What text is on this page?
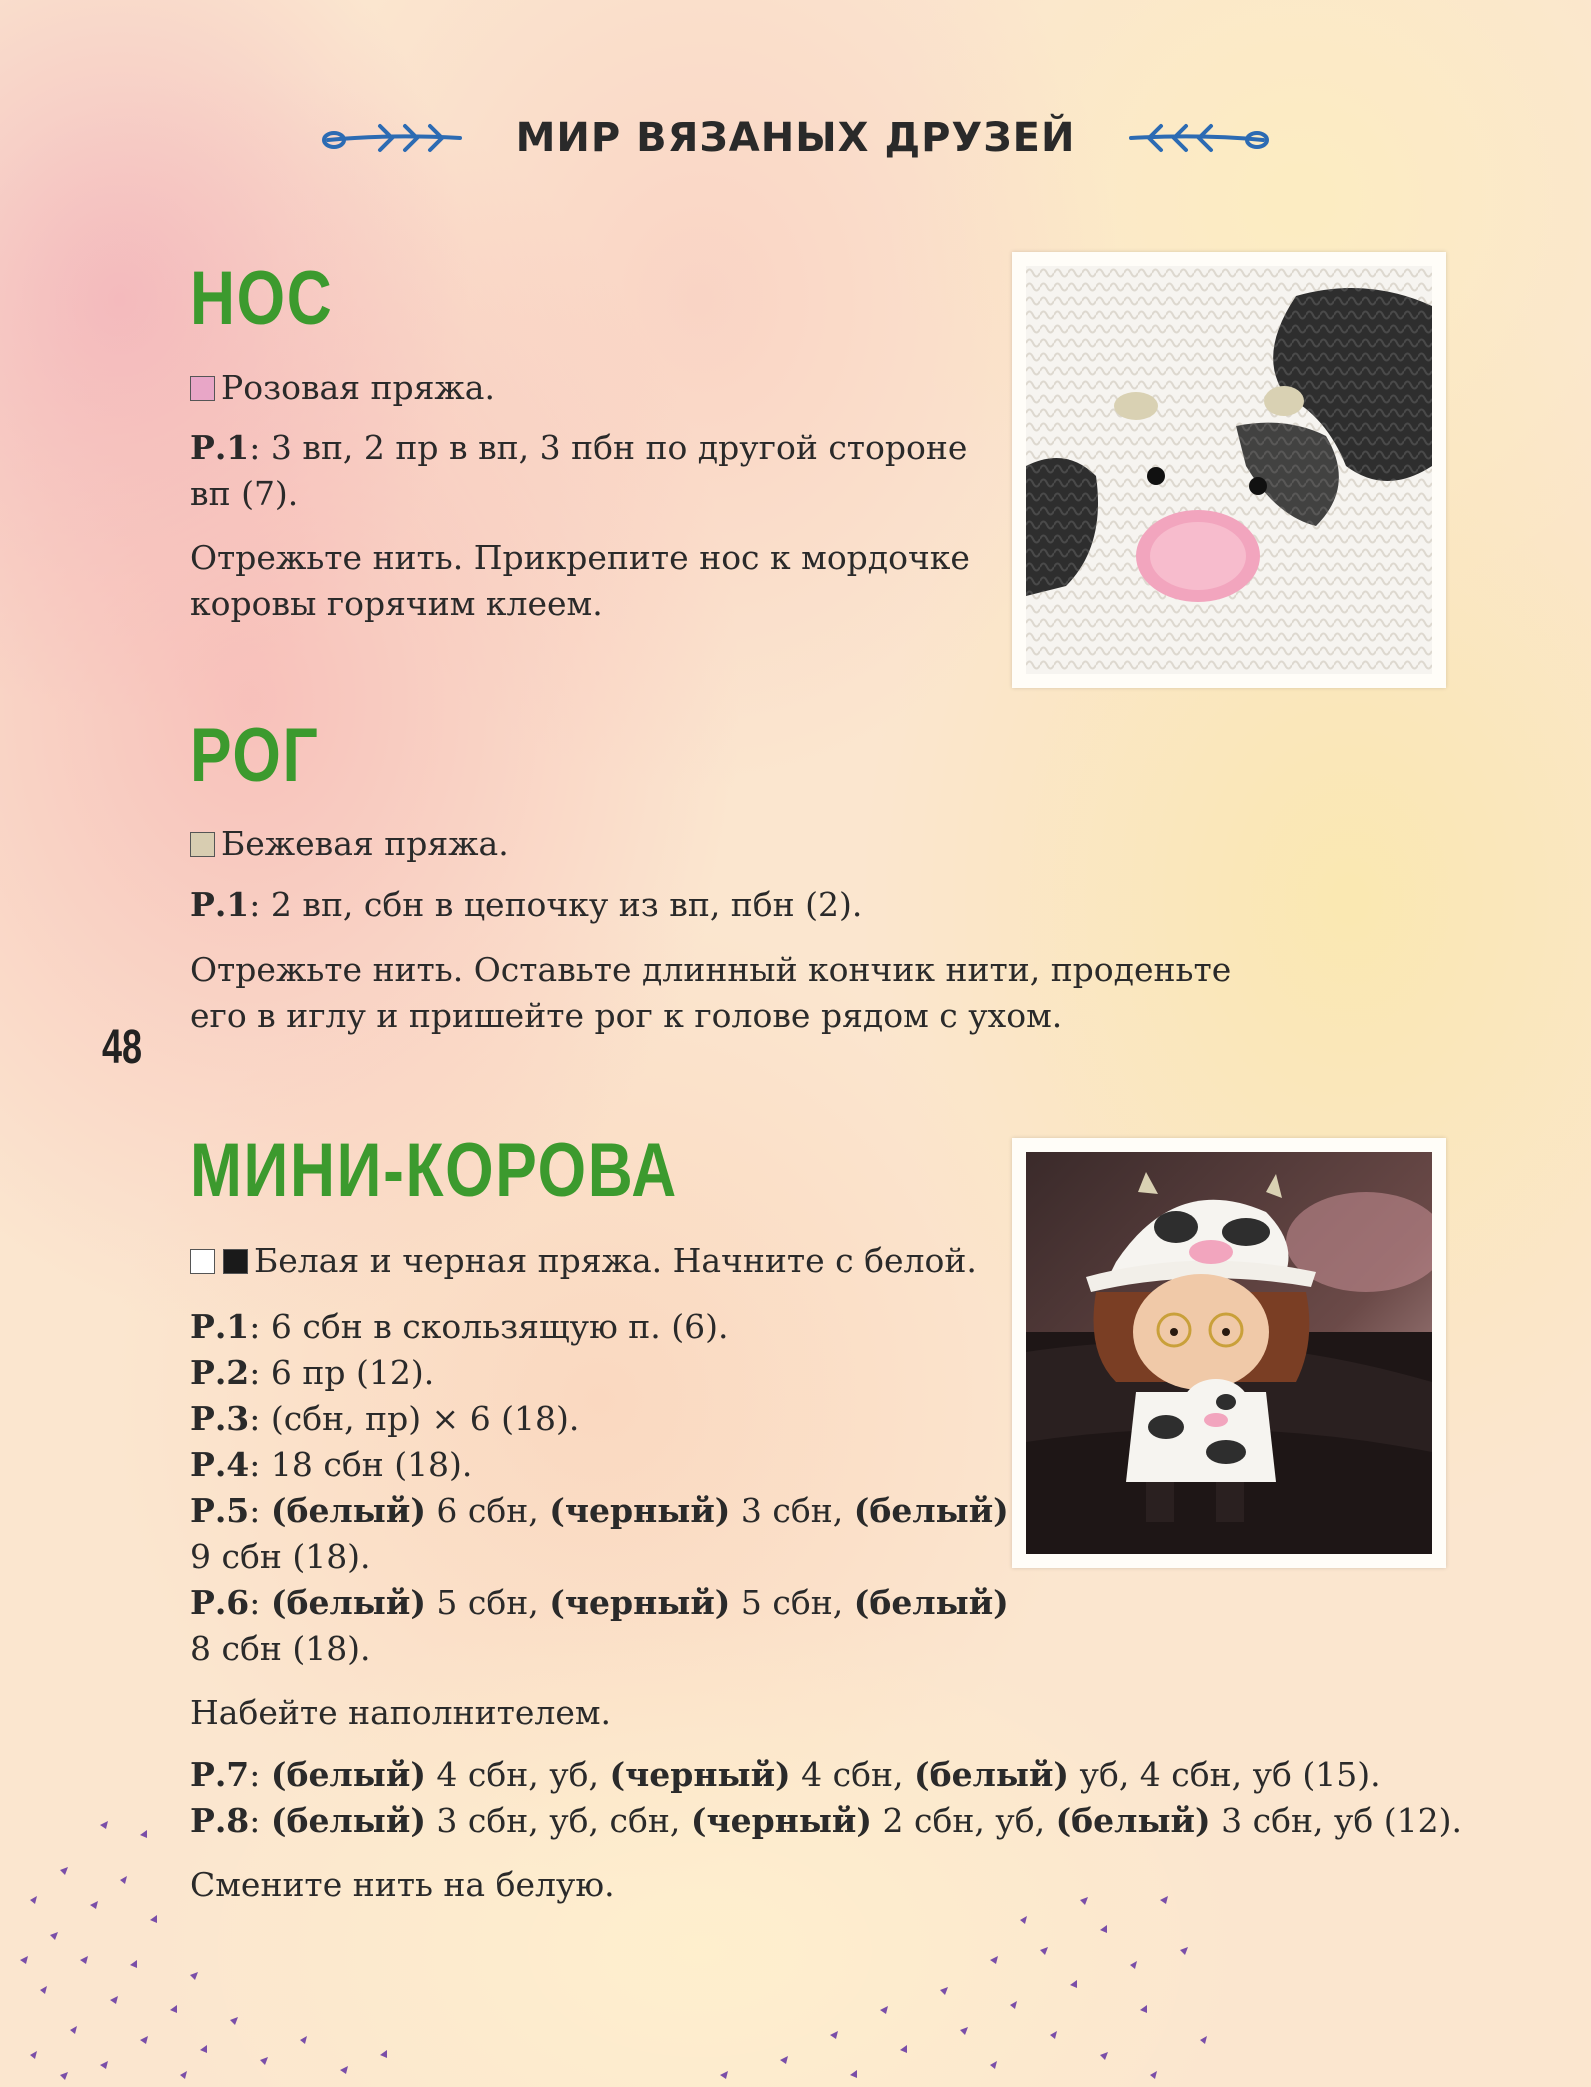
МИР ВЯЗАНЫХ ДРУЗЕЙ
НОС

Розовая пряжа.

Р.1: 3 вп, 2 пр в вп, 3 пбн по другой стороне
вп (7).

Отрежьте нить. Прикрепите нос к мордочке
коровы горячим клеем.

РОГ

Бежевая пряжа.

Р.1: 2 вп, сбн в цепочку из вп, пбн (2).

Отрежьте нить. Оставьте длинный кончик нити, проденьте
его в иглу и пришейте рог к голове рядом с ухом.

48
МИНИ-КОРОВА

Белая и черная пряжа. Начните с белой.

Р.1: 6 сбн в скользящую п. (6).
Р.2: 6 пр (12).
Р.3: (сбн, пр) × 6 (18).
Р.4: 18 сбн (18).
Р.5: (белый) 6 сбн, (черный) 3 сбн, (белый)
9 сбн (18).
Р.6: (белый) 5 сбн, (черный) 5 сбн, (белый)
8 сбн (18).

Набейте наполнителем.

Р.7: (белый) 4 сбн, уб, (черный) 4 сбн, (белый) уб, 4 сбн, уб (15).
Р.8: (белый) 3 сбн, уб, сбн, (черный) 2 сбн, уб, (белый) 3 сбн, уб (12).

Смените нить на белую.
